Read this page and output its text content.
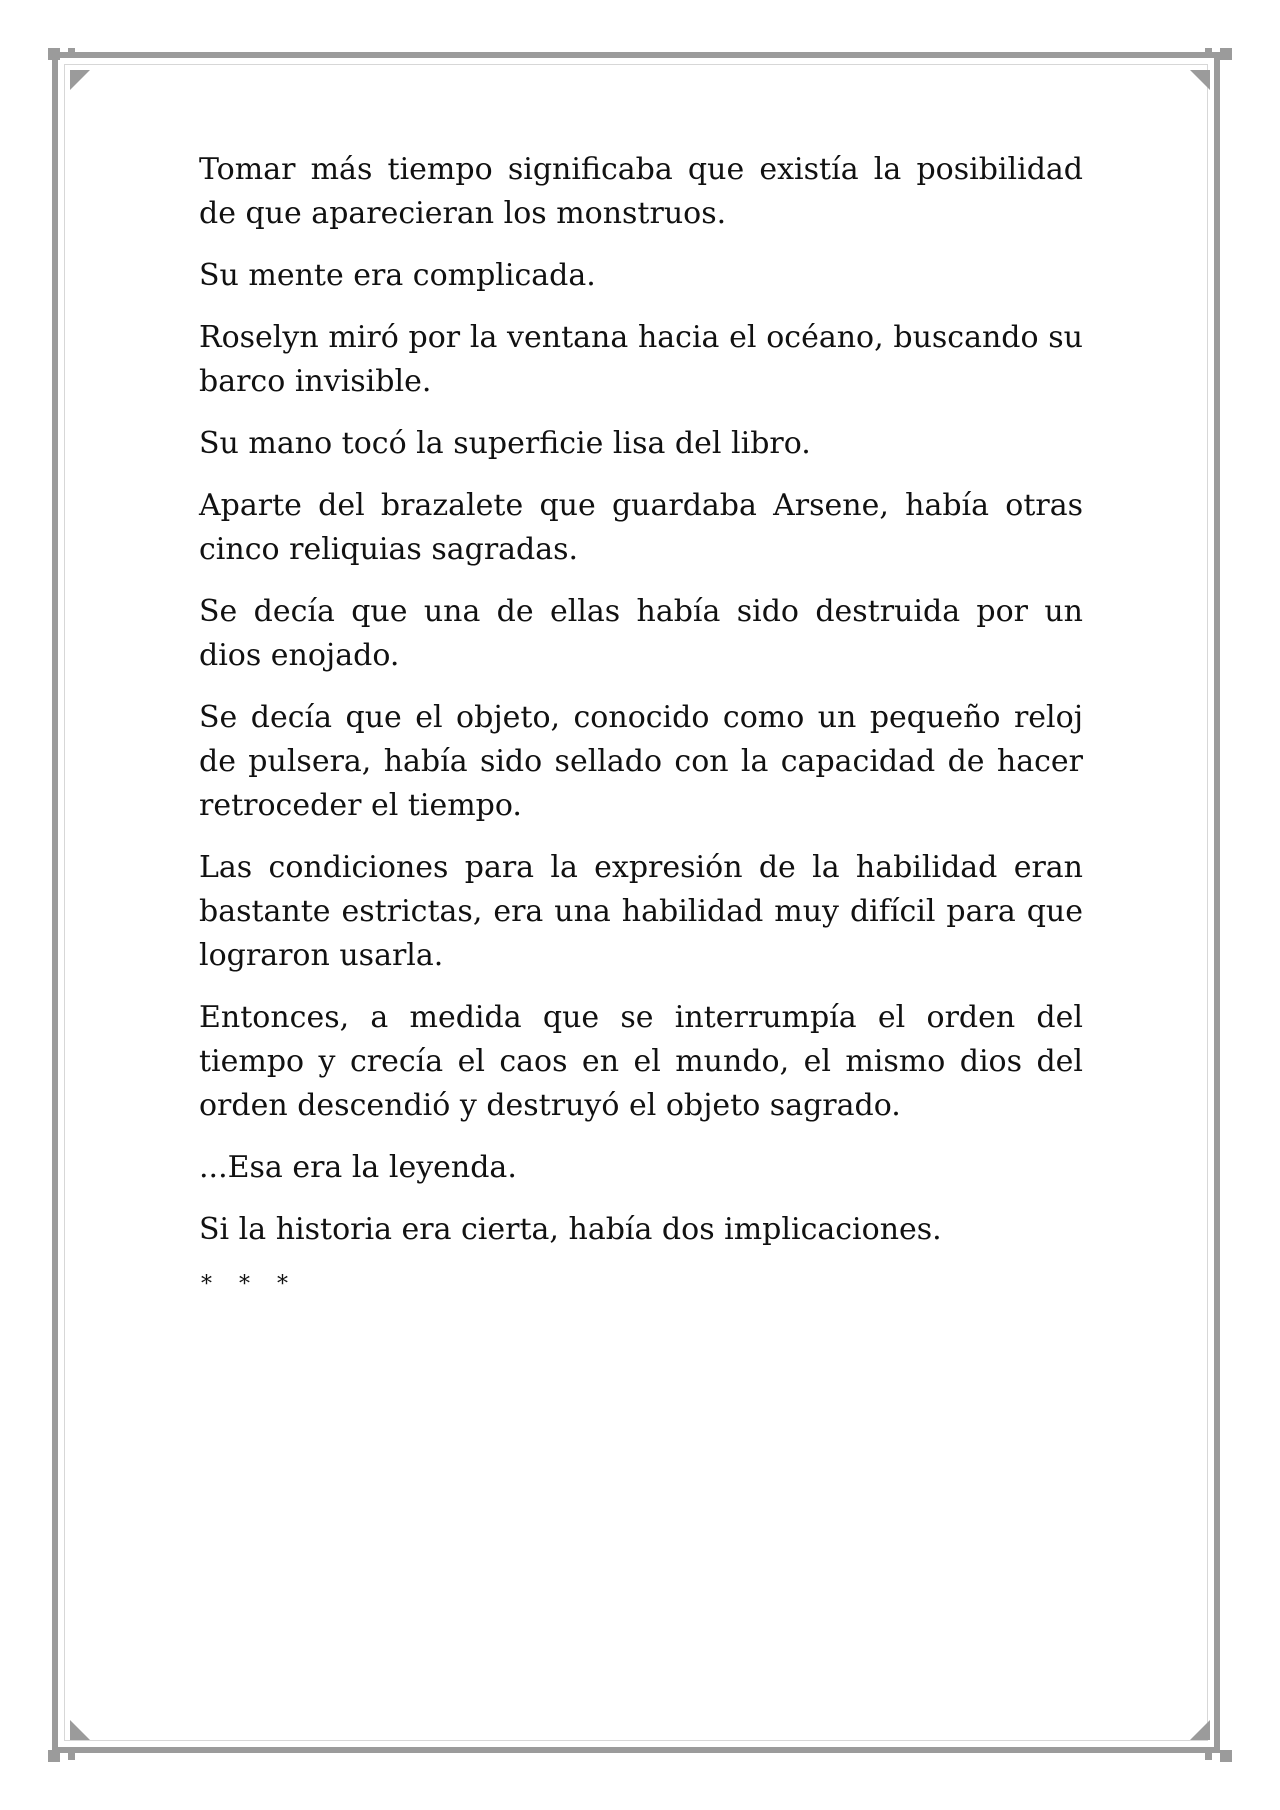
Tomar más tiempo significaba que existía la posibilidad de que aparecieran los monstruos.

Su mente era complicada.

Roselyn miró por la ventana hacia el océano, buscando su barco invisible.

Su mano tocó la superficie lisa del libro.

Aparte del brazalete que guardaba Arsene, había otras cinco reliquias sagradas.

Se decía que una de ellas había sido destruida por un dios enojado.

Se decía que el objeto, conocido como un pequeño reloj de pulsera, había sido sellado con la capacidad de hacer retroceder el tiempo.

Las condiciones para la expresión de la habilidad eran bastante estrictas, era una habilidad muy difícil para que lograron usarla.

Entonces, a medida que se interrumpía el orden del tiempo y crecía el caos en el mundo, el mismo dios del orden descendió y destruyó el objeto sagrado.

...Esa era la leyenda.

Si la historia era cierta, había dos implicaciones.

* * *
